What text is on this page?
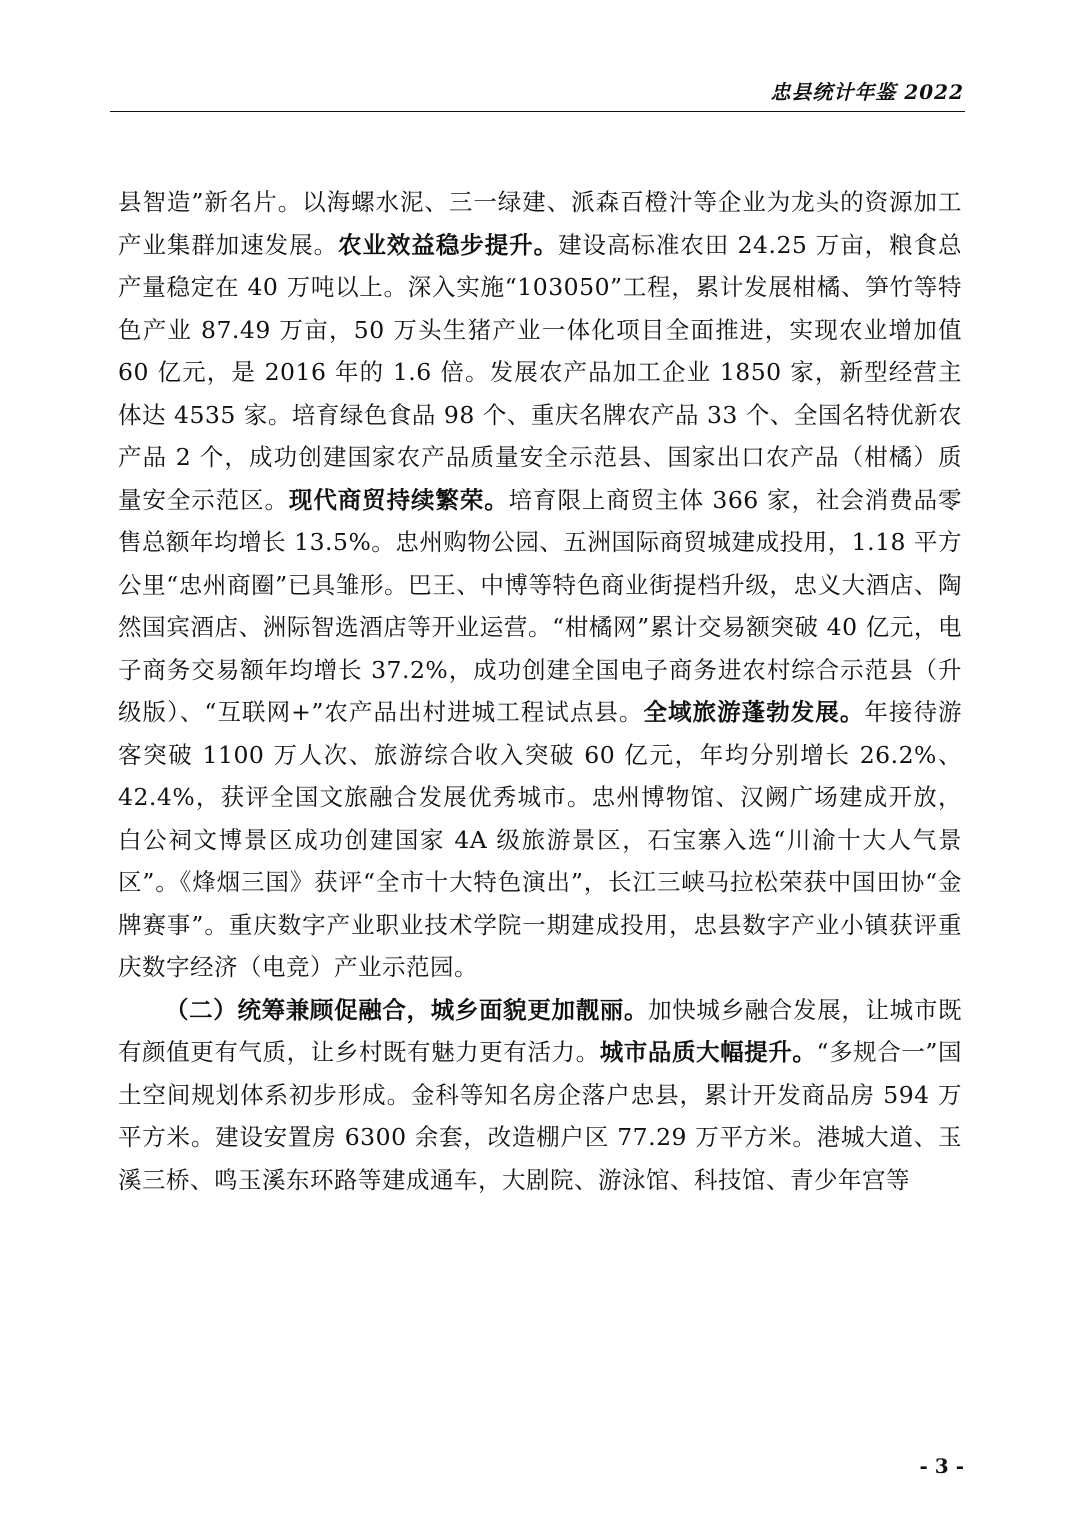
忠县统计年鉴 2022

县智造”新名片。以海螺水泥、三一绿建、派森百橙汁等企业为龙头的资源加工产业集群加速发展。农业效益稳步提升。建设高标准农田 24.25 万亩，粮食总产量稳定在 40 万吨以上。深入实施“103050”工程，累计发展柑橘、笋竹等特色产业 87.49 万亩，50 万头生猪产业一体化项目全面推进，实现农业增加值 60 亿元，是 2016 年的 1.6 倍。发展农产品加工企业 1850 家，新型经营主体达 4535 家。培育绿色食品 98 个、重庆名牌农产品 33 个、全国名特优新农产品 2 个，成功创建国家农产品质量安全示范县、国家出口农产品（柑橘）质量安全示范区。现代商贸持续繁荣。培育限上商贸主体 366 家，社会消费品零售总额年均增长 13.5%。忠州购物公园、五洲国际商贸城建成投用，1.18 平方公里“忠州商圈”已具雏形。巴王、中博等特色商业街提档升级，忠义大酒店、陶然国宾酒店、洲际智选酒店等开业运营。“柑橘网”累计交易额突破 40 亿元，电子商务交易额年均增长 37.2%，成功创建全国电子商务进农村综合示范县（升级版）、“互联网+”农产品出村进城工程试点县。全域旅游蓬勃发展。年接待游客突破 1100 万人次、旅游综合收入突破 60 亿元，年均分别增长 26.2%、42.4%，获评全国文旅融合发展优秀城市。忠州博物馆、汉阙广场建成开放，白公祠文博景区成功创建国家 4A 级旅游景区，石宝寨入选“川渝十大人气景区”。《烽烟三国》获评“全市十大特色演出”，长江三峡马拉松荣获中国田协“金牌赛事”。重庆数字产业职业技术学院一期建成投用，忠县数字产业小镇获评重庆数字经济（电竞）产业示范园。

（二）统筹兼顾促融合，城乡面貌更加靓丽。加快城乡融合发展，让城市既有颜值更有气质，让乡村既有魅力更有活力。城市品质大幅提升。“多规合一”国土空间规划体系初步形成。金科等知名房企落户忠县，累计开发商品房 594 万平方米。建设安置房 6300 余套，改造棚户区 77.29 万平方米。港城大道、玉溪三桥、鸣玉溪东环路等建成通车，大剧院、游泳馆、科技馆、青少年宫等

- 3 -
